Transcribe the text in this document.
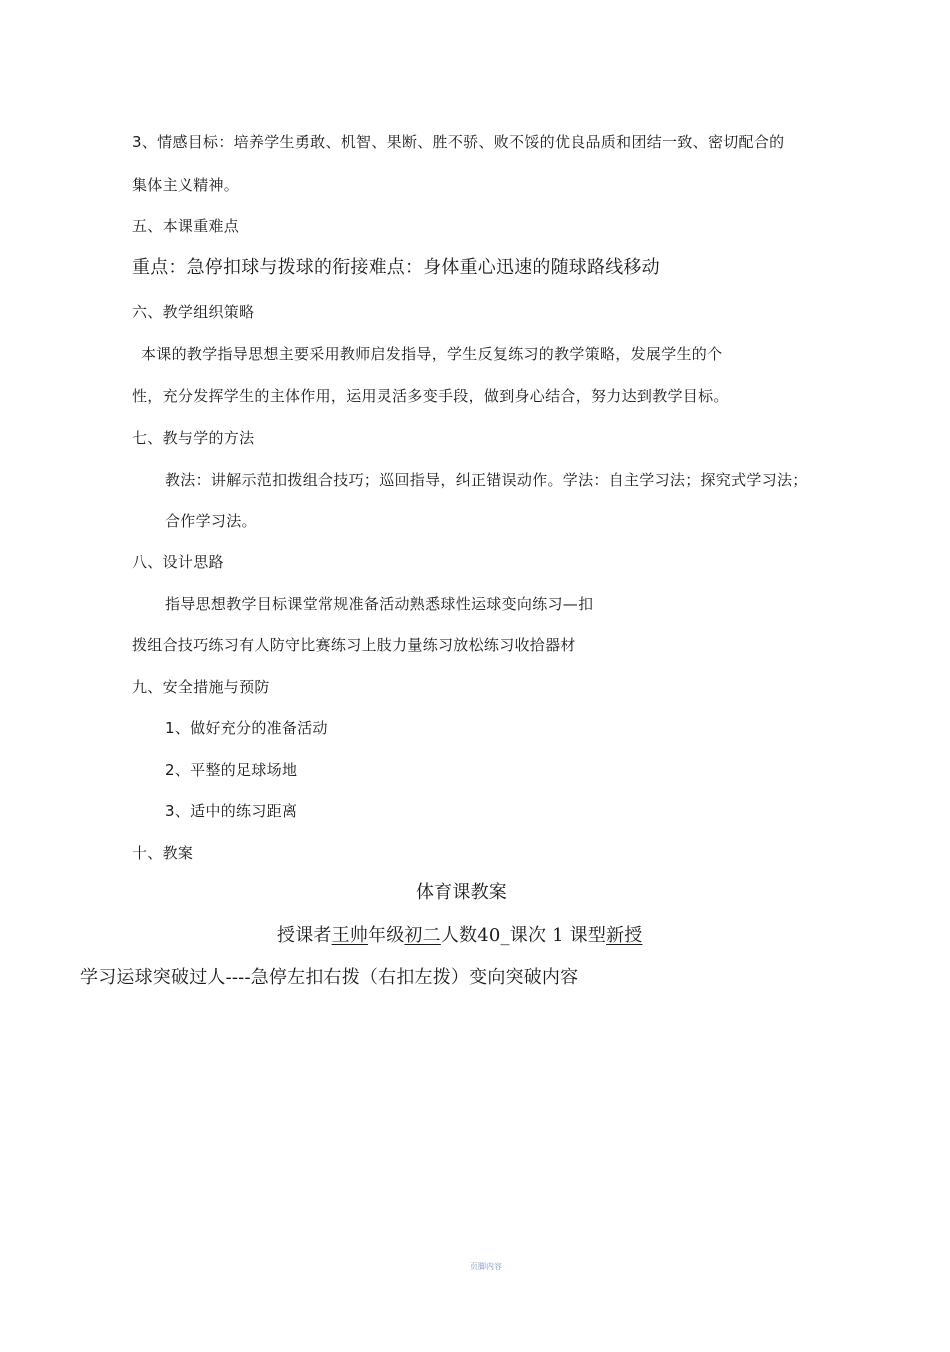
3、情感目标：培养学生勇敢、机智、果断、胜不骄、败不馁的优良品质和团结一致、密切配合的
集体主义精神。
五、本课重难点
重点：急停扣球与拨球的衔接难点：身体重心迅速的随球路线移动
六、教学组织策略
本课的教学指导思想主要采用教师启发指导，学生反复练习的教学策略，发展学生的个
性，充分发挥学生的主体作用，运用灵活多变手段，做到身心结合，努力达到教学目标。
七、教与学的方法
教法：讲解示范扣拨组合技巧；巡回指导，纠正错误动作。学法：自主学习法；探究式学习法；
合作学习法。
八、设计思路
指导思想教学目标课堂常规准备活动熟悉球性运球变向练习—扣
拨组合技巧练习有人防守比赛练习上肢力量练习放松练习收拾器材
九、安全措施与预防
1、做好充分的准备活动
2、平整的足球场地
3、适中的练习距离
十、教案
体育课教案
授课者王帅年级初二人数40_课次 1 课型新授
学习运球突破过人----急停左扣右拨（右扣左拨）变向突破内容
页脚内容
